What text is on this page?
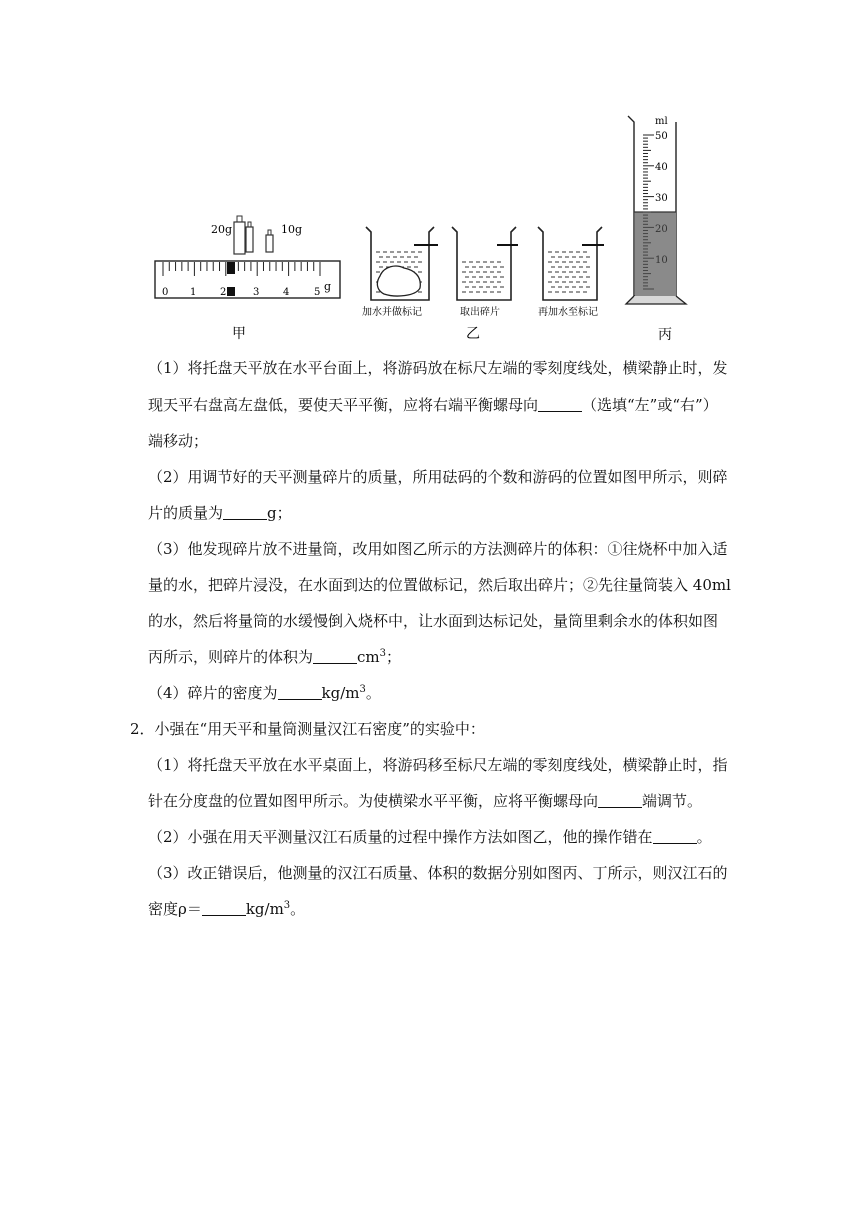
20g	10g
0 1 2	3 4 5 g
甲
加水并做标记	取出碎片	再加水至标记
乙
ml
50
40
30
20
10
丙
（1）将托盘天平放在水平台面上，将游码放在标尺左端的零刻度线处，横梁静止时，发
现天平右盘高左盘低，要使天平平衡，应将右端平衡螺母向	（选填“左”或“右”）
端移动；
（2）用调节好的天平测量碎片的质量，所用砝码的个数和游码的位置如图甲所示，则碎
片的质量为	g；
（3）他发现碎片放不进量筒，改用如图乙所示的方法测碎片的体积：①往烧杯中加入适
量的水，把碎片浸没，在水面到达的位置做标记，然后取出碎片；②先往量筒装入 40ml
的水，然后将量筒的水缓慢倒入烧杯中，让水面到达标记处，量筒里剩余水的体积如图
丙所示，则碎片的体积为	$cm^3$；
（4）碎片的密度为	$kg/m^3$。
2．小强在“用天平和量筒测量汉江石密度”的实验中：
（1）将托盘天平放在水平桌面上，将游码移至标尺左端的零刻度线处，横梁静止时，指
针在分度盘的位置如图甲所示。为使横梁水平平衡，应将平衡螺母向	端调节。
（2）小强在用天平测量汉江石质量的过程中操作方法如图乙，他的操作错在	。
（3）改正错误后，他测量的汉江石质量、体积的数据分别如图丙、丁所示，则汉江石的
密度ρ＝	$kg/m^3$。
